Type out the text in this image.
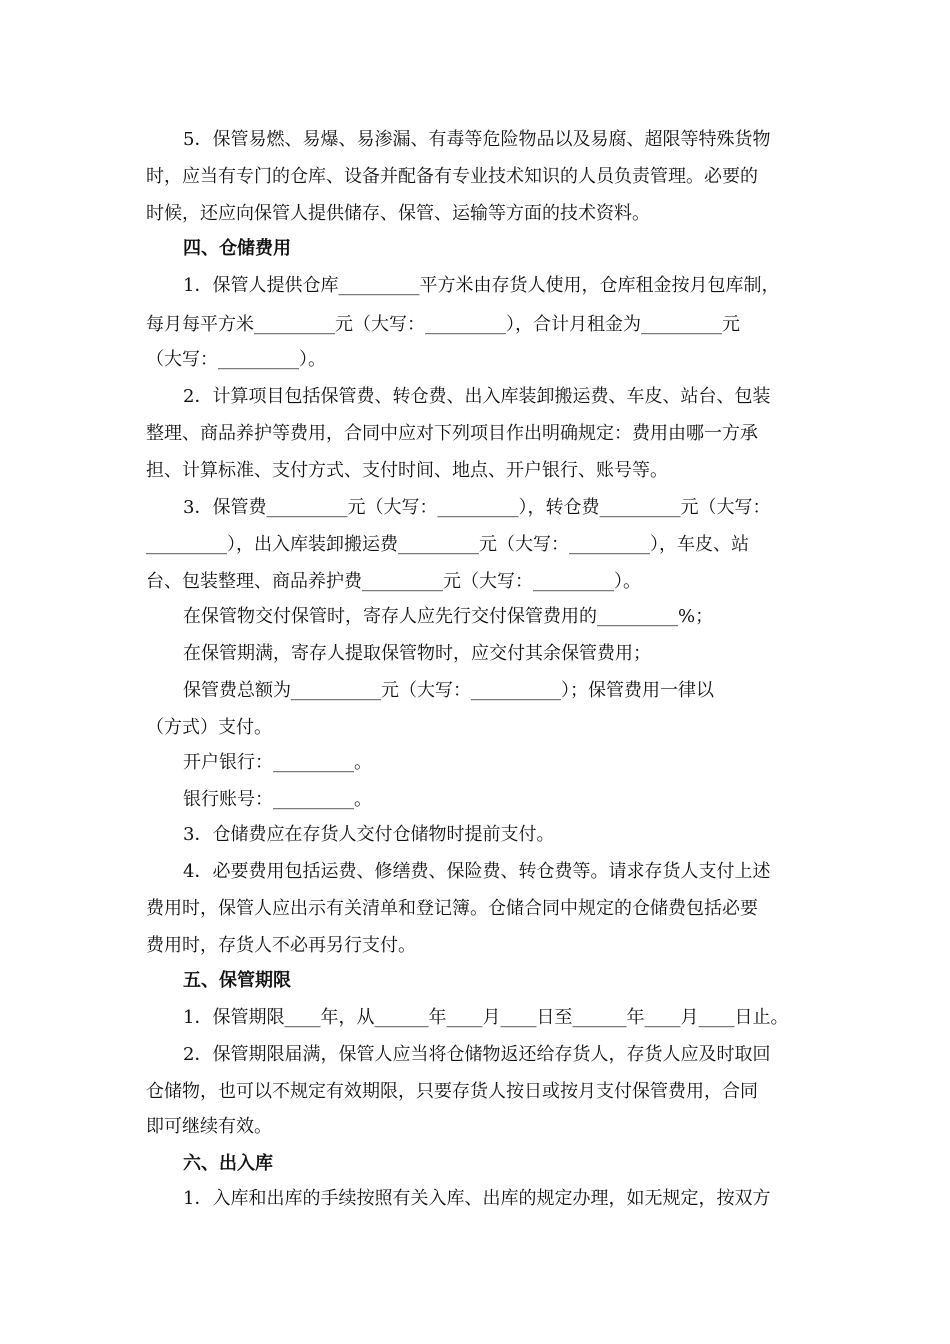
5．保管易燃、易爆、易渗漏、有毒等危险物品以及易腐、超限等特殊货物
时，应当有专门的仓库、设备并配备有专业技术知识的人员负责管理。必要的
时候，还应向保管人提供储存、保管、运输等方面的技术资料。
四、仓储费用
1．保管人提供仓库_________平方米由存货人使用，仓库租金按月包库制，
每月每平方米_________元（大写：_________），合计月租金为_________元
（大写：_________）。
2．计算项目包括保管费、转仓费、出入库装卸搬运费、车皮、站台、包装
整理、商品养护等费用，合同中应对下列项目作出明确规定：费用由哪一方承
担、计算标准、支付方式、支付时间、地点、开户银行、账号等。
3．保管费_________元（大写：_________），转仓费_________元（大写：
_________），出入库装卸搬运费_________元（大写：_________），车皮、站
台、包装整理、商品养护费_________元（大写：_________）。
在保管物交付保管时，寄存人应先行交付保管费用的_________%；
在保管期满，寄存人提取保管物时，应交付其余保管费用；
保管费总额为__________元（大写：__________）；保管费用一律以
（方式）支付。
开户银行：_________。
银行账号：_________。
3．仓储费应在存货人交付仓储物时提前支付。
4．必要费用包括运费、修缮费、保险费、转仓费等。请求存货人支付上述
费用时，保管人应出示有关清单和登记簿。仓储合同中规定的仓储费包括必要
费用时，存货人不必再另行支付。
五、保管期限
1．保管期限____年，从______年____月____日至______年____月____日止。
2．保管期限届满，保管人应当将仓储物返还给存货人，存货人应及时取回
仓储物，也可以不规定有效期限，只要存货人按日或按月支付保管费用，合同
即可继续有效。
六、出入库
1．入库和出库的手续按照有关入库、出库的规定办理，如无规定，按双方
